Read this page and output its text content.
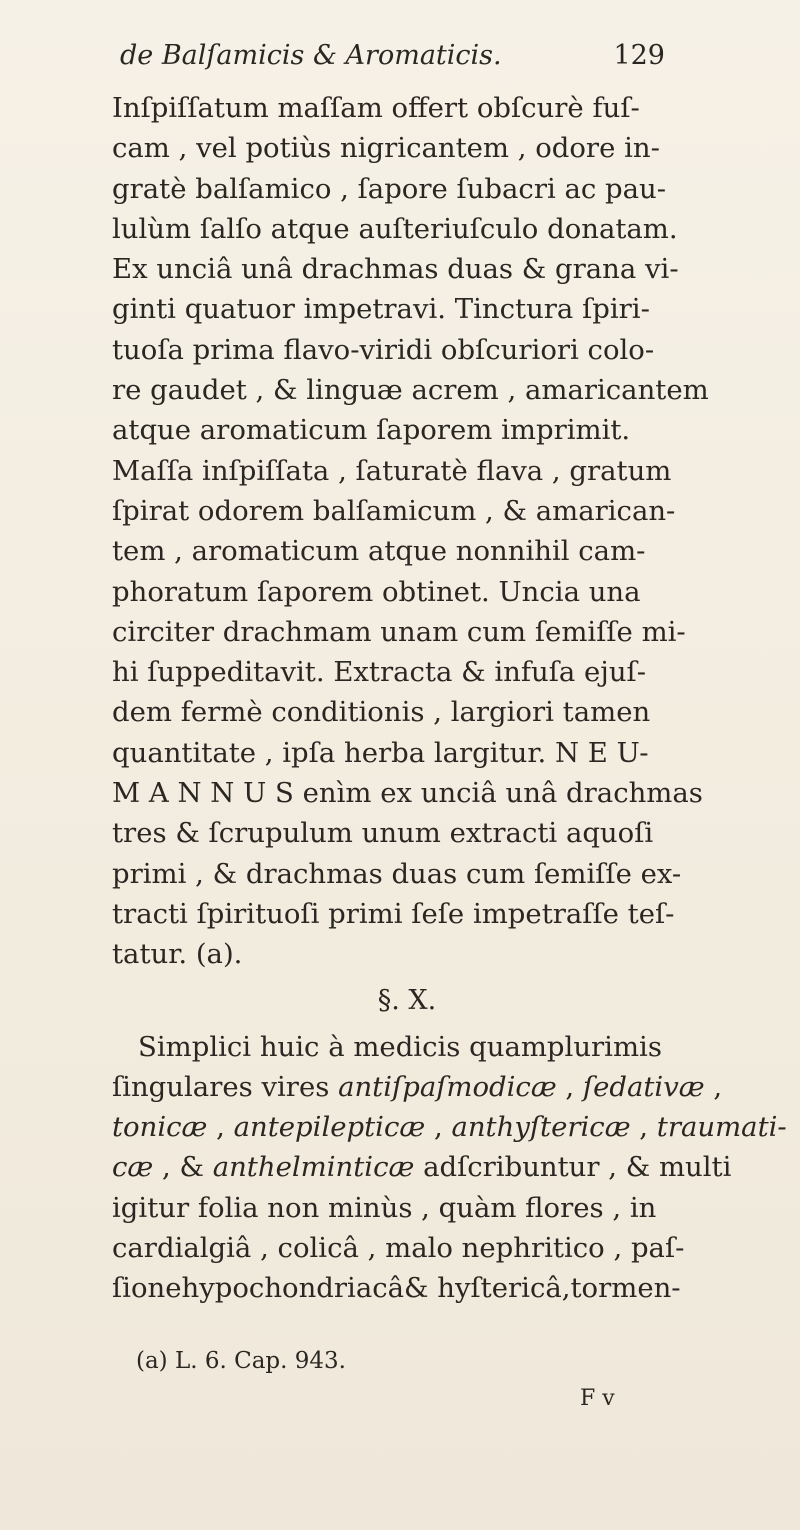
de Balſamicis & Aromaticis.	129
Inſpiſſatum maſſam offert obſcurè fuſ-
cam , vel potiùs nigricantem , odore in-
gratè balſamico , ſapore ſubacri ac pau-
lulùm ſalſo atque auſteriuſculo donatam.
Ex unciâ unâ drachmas duas & grana vi-
ginti quatuor impetravi. Tinctura ſpiri-
tuoſa prima flavo-viridi obſcuriori colo-
re gaudet , & linguæ acrem , amaricantem
atque aromaticum ſaporem imprimit.
Maſſa inſpiſſata , ſaturatè flava , gratum
ſpirat odorem balſamicum , & amarican-
tem , aromaticum atque nonnihil cam-
phoratum ſaporem obtinet. Uncia una
circiter drachmam unam cum ſemiſſe mi-
hi ſuppeditavit. Extracta & infuſa ejuſ-
dem fermè conditionis , largiori tamen
quantitate , ipſa herba largitur. N E U-
M A N N U S enìm ex unciâ unâ drachmas
tres & ſcrupulum unum extracti aquoſi
primi , & drachmas duas cum ſemiſſe ex-
tracti ſpirituoſi primi ſeſe impetraſſe teſ-
tatur. (a).
§. X.
Simplici huic à medicis quamplurimis
ſingulares vires antiſpaſmodicæ , ſedativæ ,
tonicæ , antepilepticæ , anthyſtericæ , traumati-
cæ , & anthelminticæ adſcribuntur , & multi
igitur folia non minùs , quàm flores , in
cardialgiâ , colicâ , malo nephritico , paſ-
ſionehypochondriacâ& hyſtericâ,tormen-
(a) L. 6. Cap. 943.
F v
